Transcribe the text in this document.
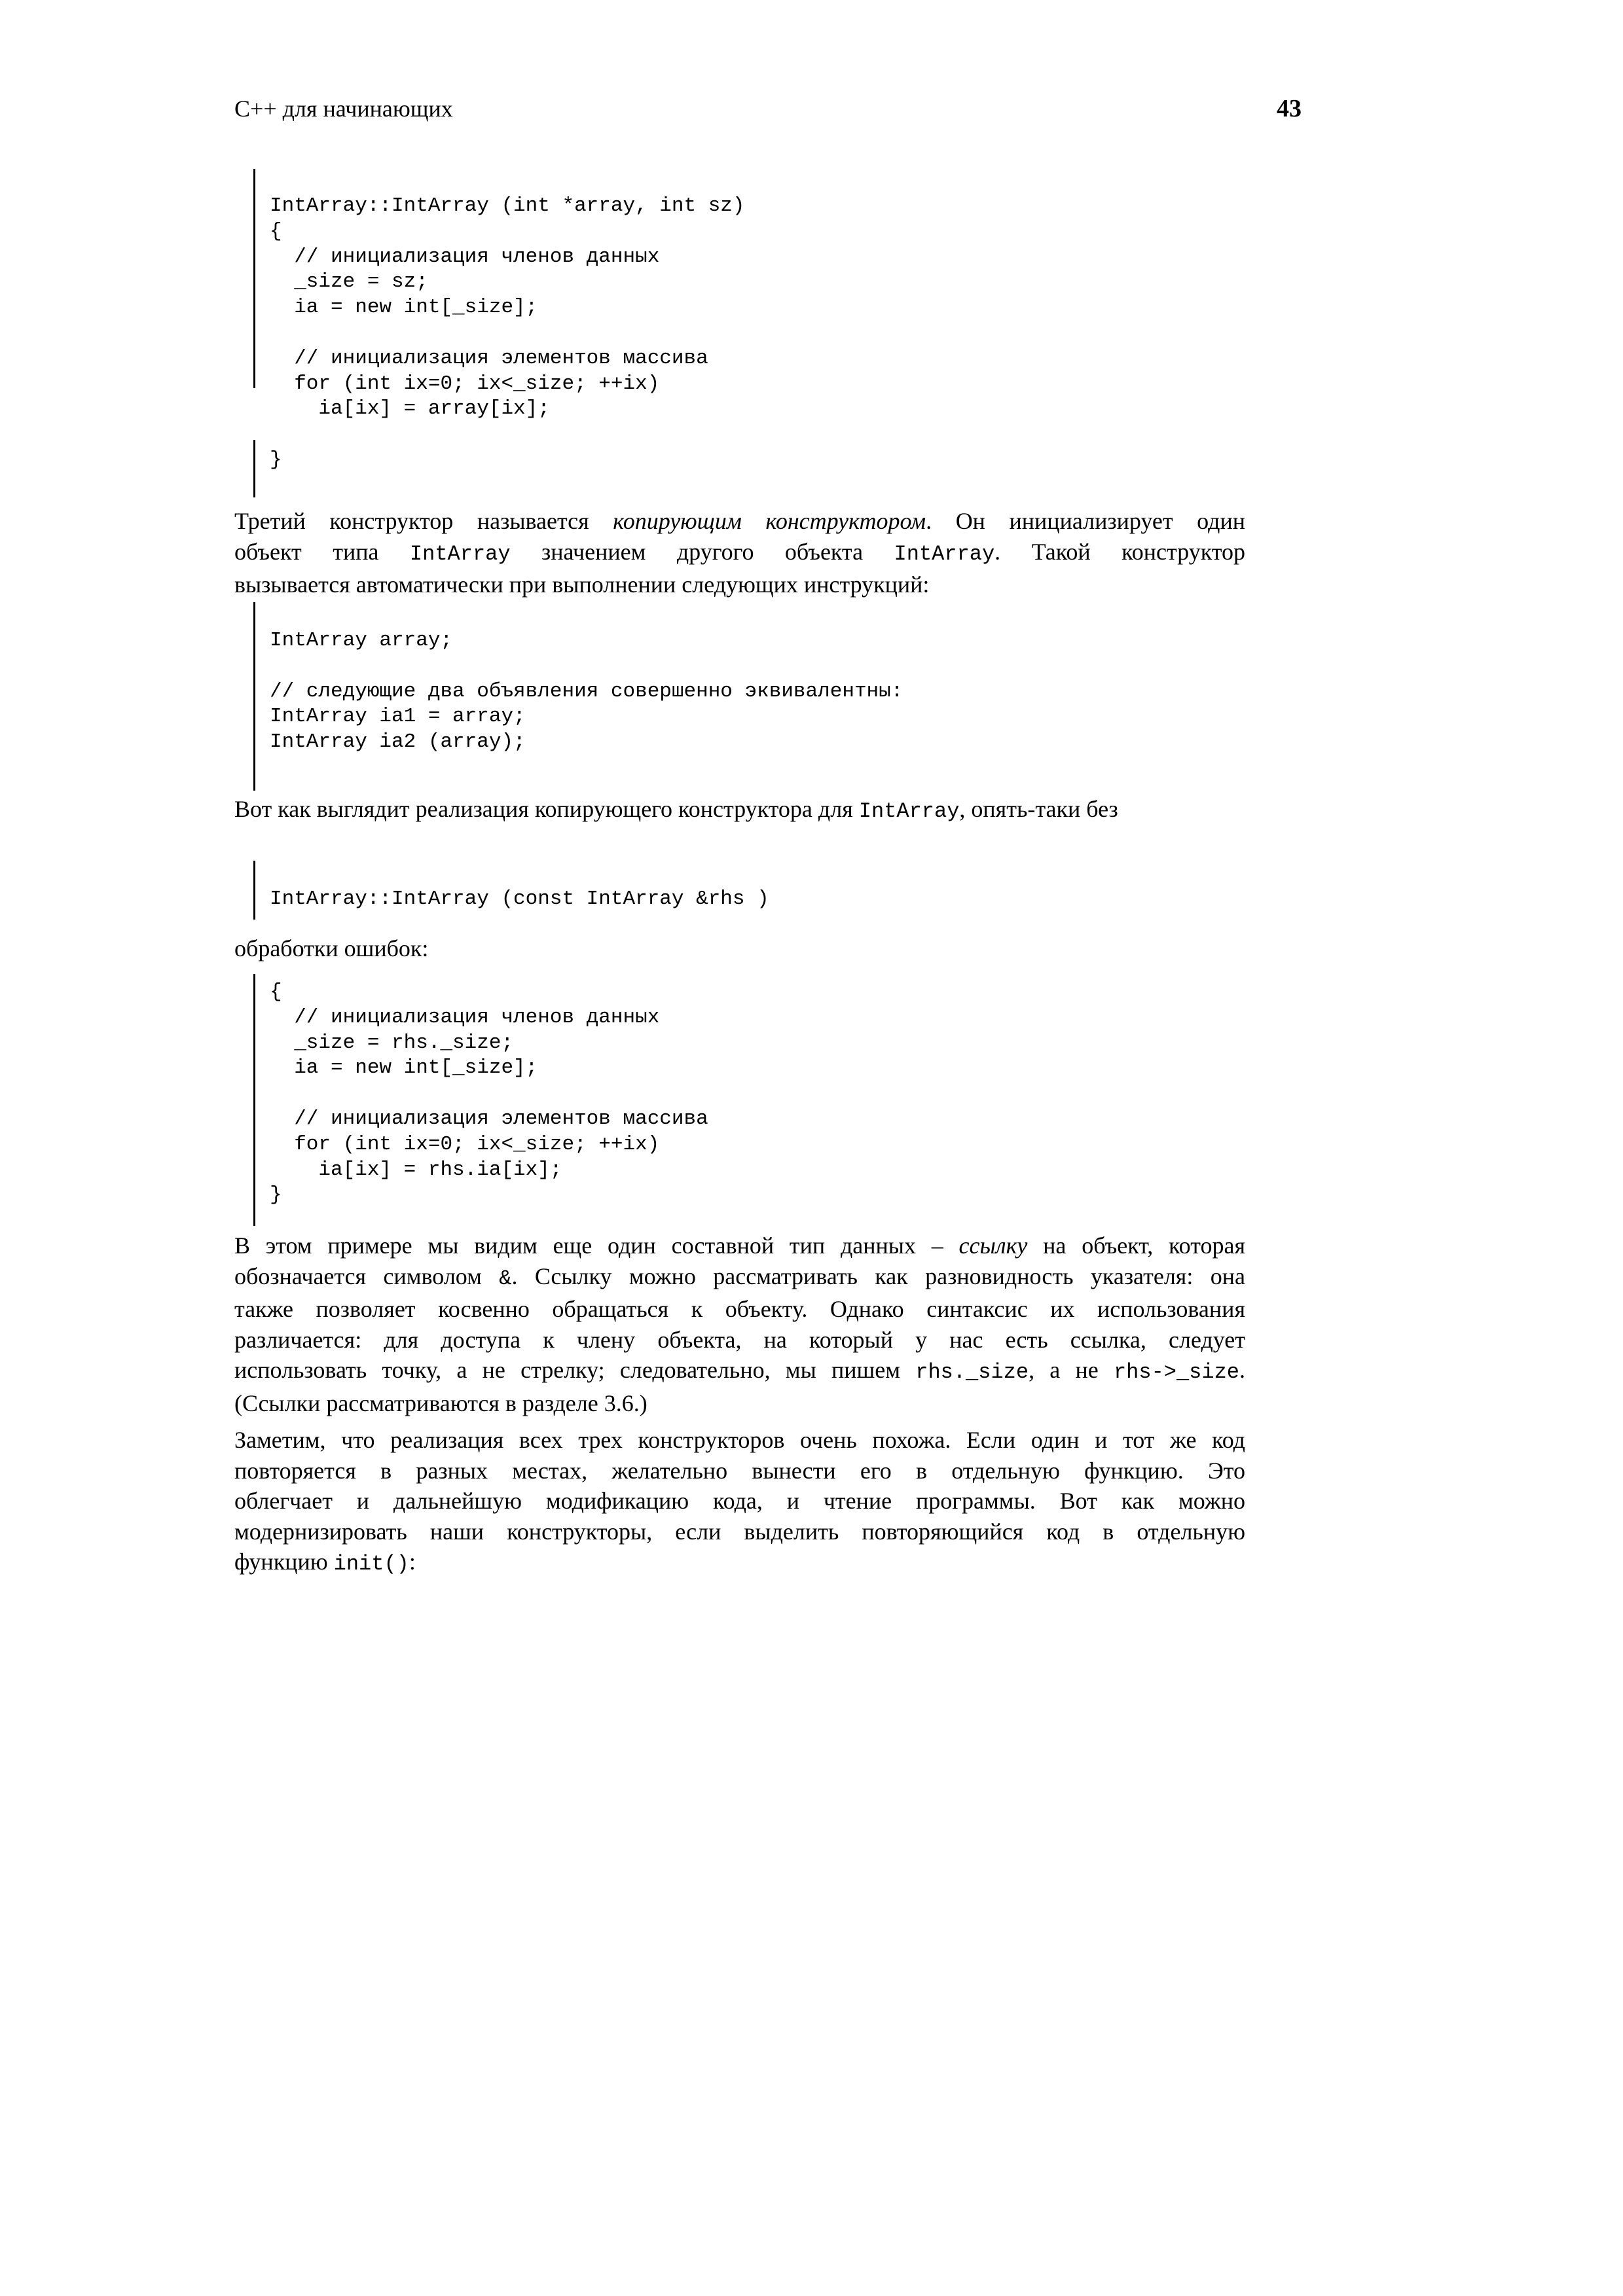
С++ для начинающих	43
IntArray::IntArray (int *array, int sz)
{
// инициализация членов данных
_size = sz;
ia = new int[_size];

// инициализация элементов массива
for (int ix=0; ix<_size; ++ix)
ia[ix] = array[ix];

}
Третий конструктор называется копирующим конструктором. Он инициализирует один
объект типа IntArray значением другого объекта IntArray. Такой конструктор
вызывается автоматически при выполнении следующих инструкций:
IntArray array;

// следующие два объявления совершенно эквивалентны:
IntArray ia1 = array;
IntArray ia2 (array);
Вот как выглядит реализация копирующего конструктора для IntArray, опять-таки без
IntArray::IntArray (const IntArray &rhs )
обработки ошибок:
{
// инициализация членов данных
_size = rhs._size;
ia = new int[_size];

// инициализация элементов массива
for (int ix=0; ix<_size; ++ix)
ia[ix] = rhs.ia[ix];
}
В этом примере мы видим еще один составной тип данных – ссылку на объект, которая
обозначается символом &. Ссылку можно рассматривать как разновидность указателя: она
также позволяет косвенно обращаться к объекту. Однако синтаксис их использования
различается: для доступа к члену объекта, на который у нас есть ссылка, следует
использовать точку, а не стрелку; следовательно, мы пишем rhs._size, а не rhs->_size.
(Ссылки рассматриваются в разделе 3.6.)
Заметим, что реализация всех трех конструкторов очень похожа. Если один и тот же код
повторяется в разных местах, желательно вынести его в отдельную функцию. Это
облегчает и дальнейшую модификацию кода, и чтение программы. Вот как можно
модернизировать наши конструкторы, если выделить повторяющийся код в отдельную
функцию init():
